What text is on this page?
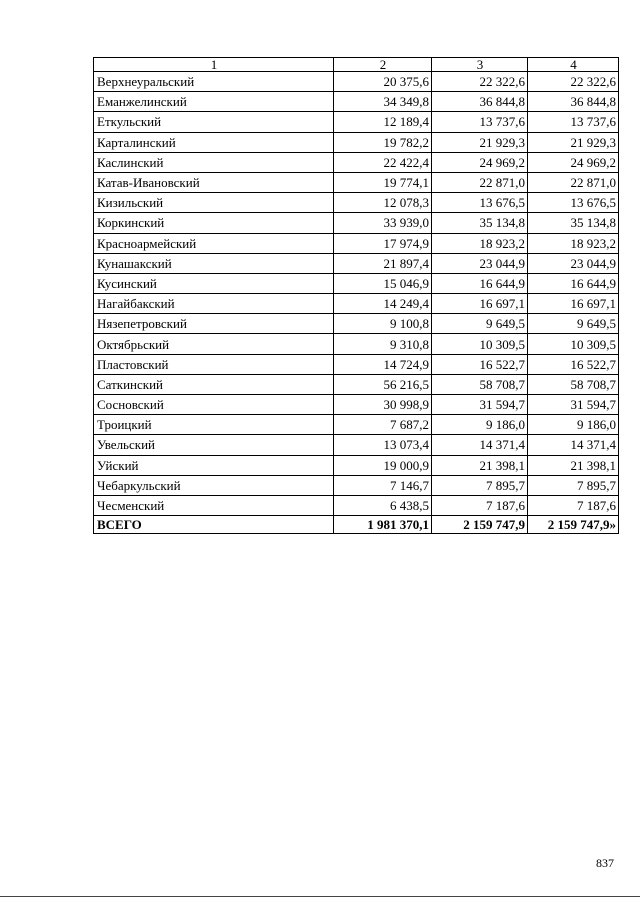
1	2	3	4
Верхнеуральский	20 375,6	22 322,6	22 322,6
Еманжелинский	34 349,8	36 844,8	36 844,8
Еткульский	12 189,4	13 737,6	13 737,6
Карталинский	19 782,2	21 929,3	21 929,3
Каслинский	22 422,4	24 969,2	24 969,2
Катав-Ивановский	19 774,1	22 871,0	22 871,0
Кизильский	12 078,3	13 676,5	13 676,5
Коркинский	33 939,0	35 134,8	35 134,8
Красноармейский	17 974,9	18 923,2	18 923,2
Кунашакский	21 897,4	23 044,9	23 044,9
Кусинский	15 046,9	16 644,9	16 644,9
Нагайбакский	14 249,4	16 697,1	16 697,1
Нязепетровский	9 100,8	9 649,5	9 649,5
Октябрьский	9 310,8	10 309,5	10 309,5
Пластовский	14 724,9	16 522,7	16 522,7
Саткинский	56 216,5	58 708,7	58 708,7
Сосновский	30 998,9	31 594,7	31 594,7
Троицкий	7 687,2	9 186,0	9 186,0
Увельский	13 073,4	14 371,4	14 371,4
Уйский	19 000,9	21 398,1	21 398,1
Чебаркульский	7 146,7	7 895,7	7 895,7
Чесменский	6 438,5	7 187,6	7 187,6
ВСЕГО	1 981 370,1	2 159 747,9	2 159 747,9»
837
